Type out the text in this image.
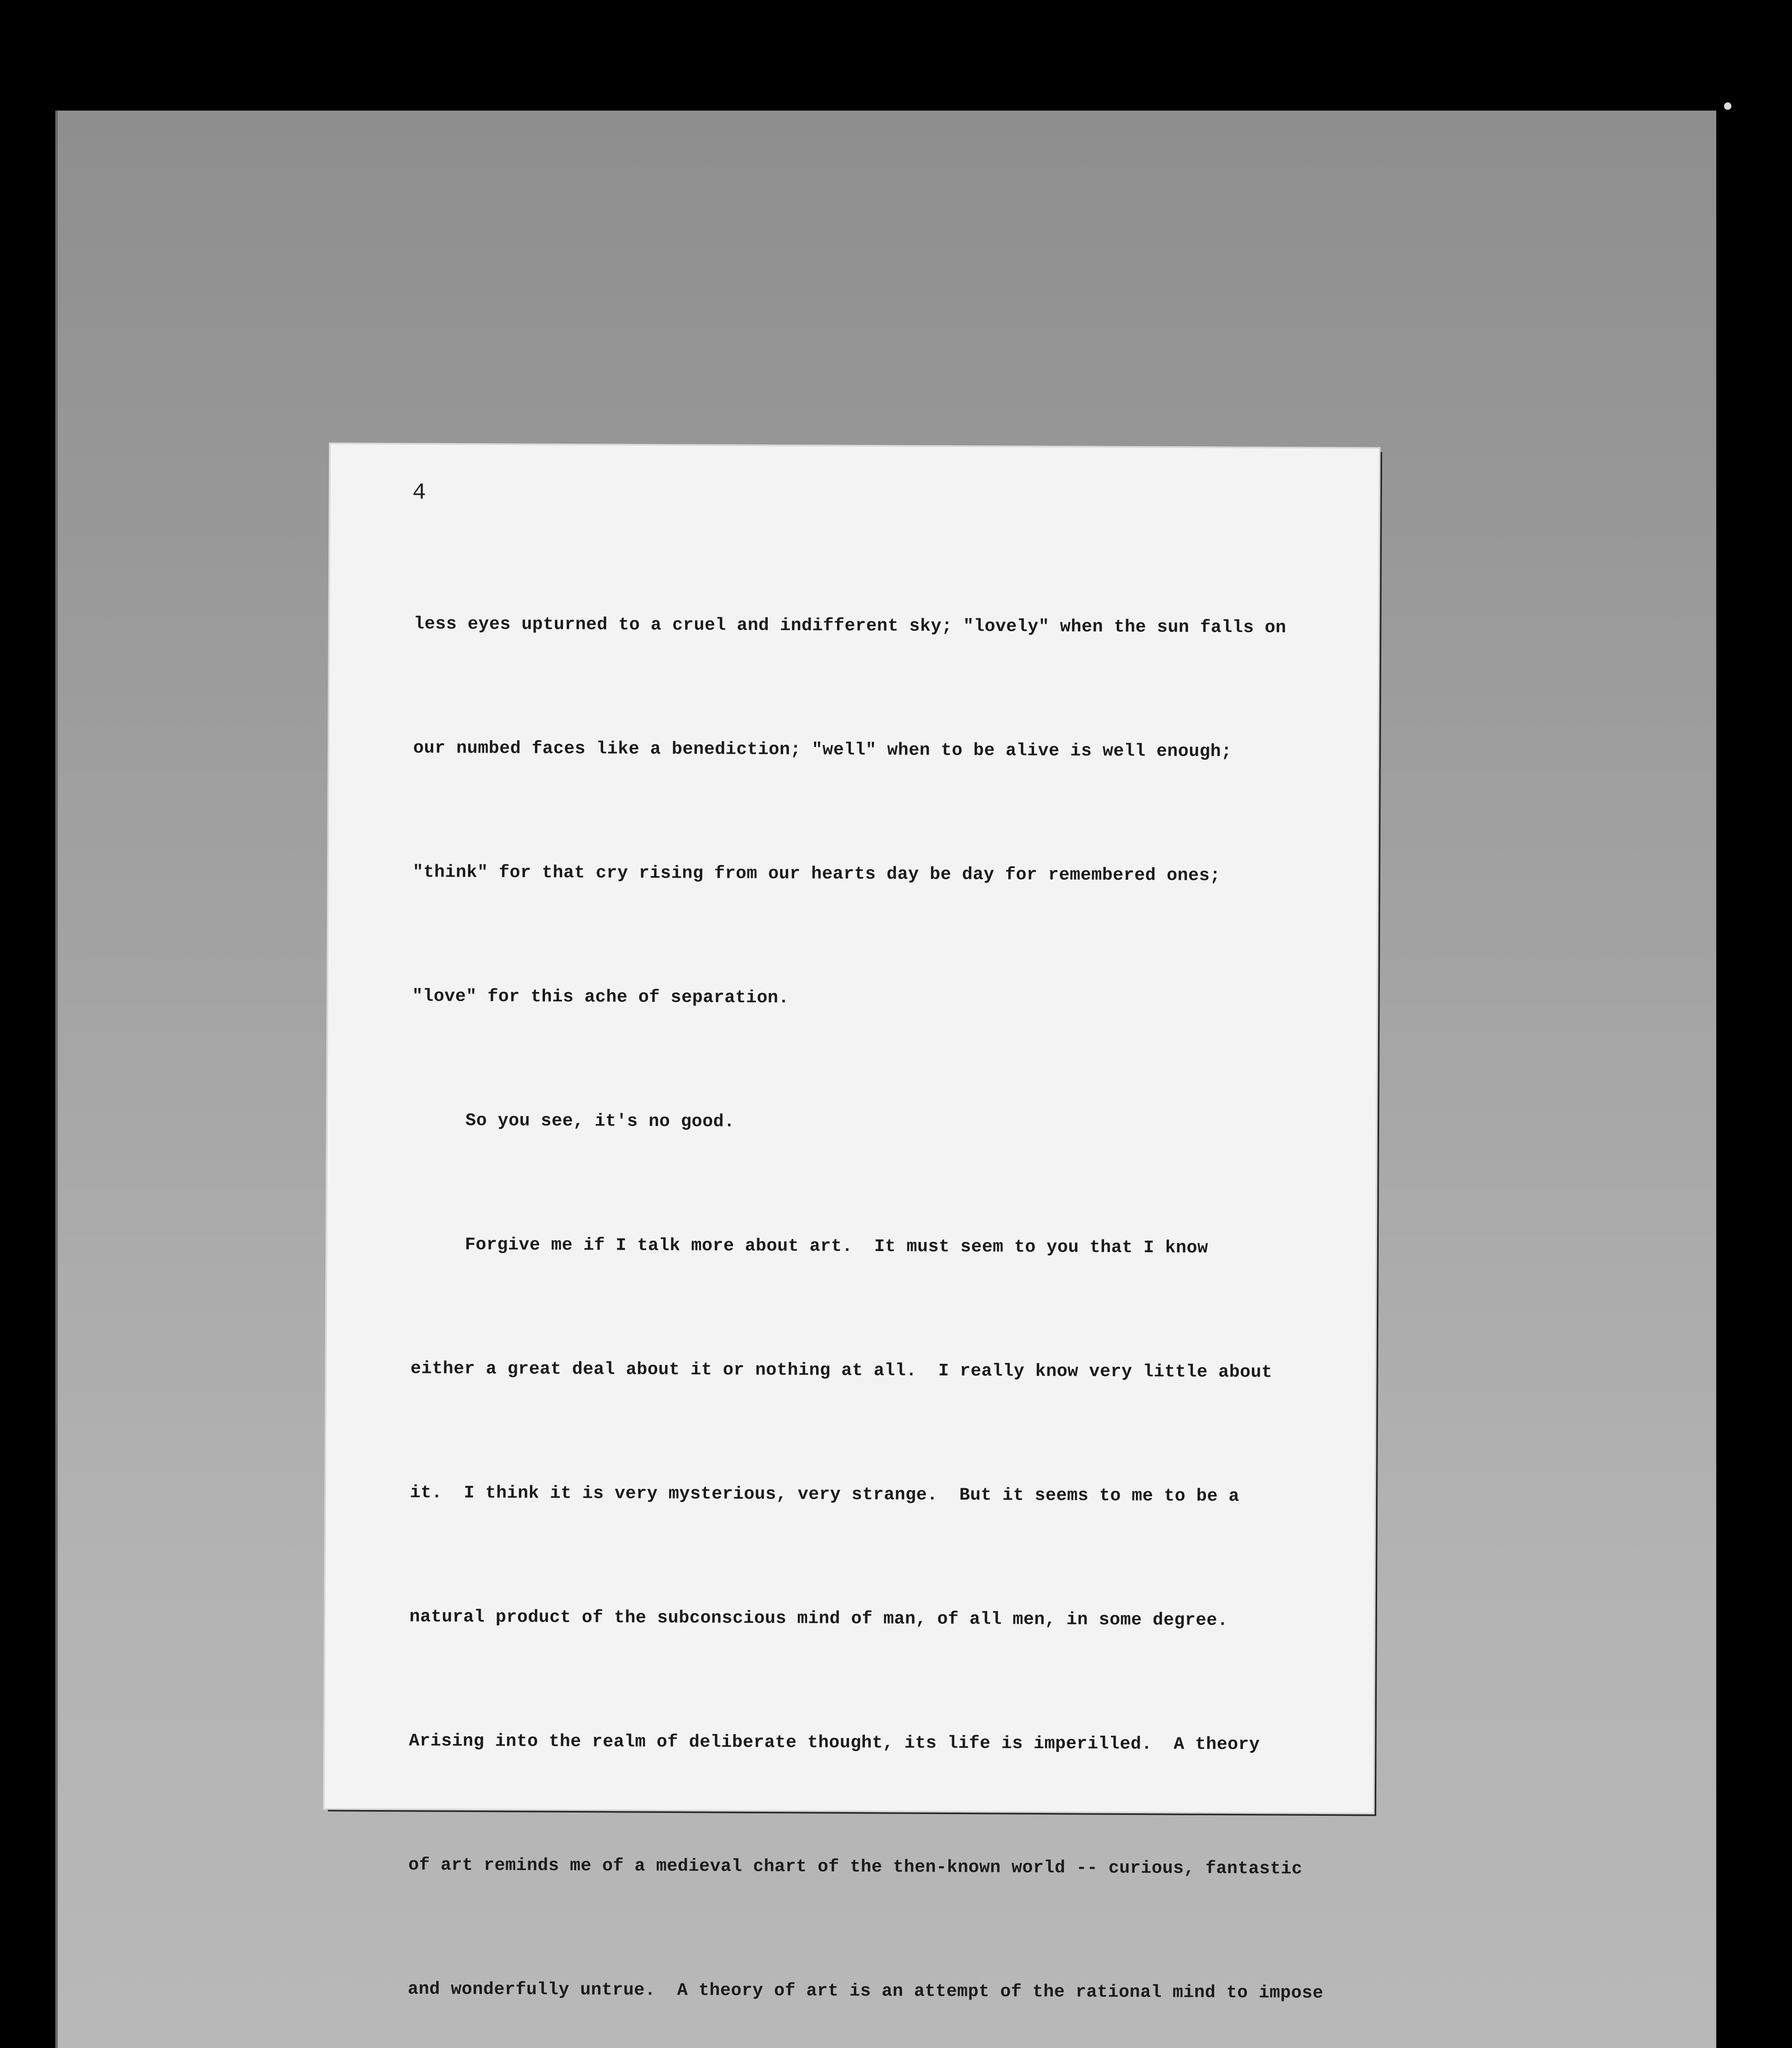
4

less eyes upturned to a cruel and indifferent sky; "lovely" when the sun falls on

our numbed faces like a benediction; "well" when to be alive is well enough;

"think" for that cry rising from our hearts day be day for remembered ones;

"love" for this ache of separation.

So you see, it's no good.

Forgive me if I talk more about art.  It must seem to you that I know

either a great deal about it or nothing at all.  I really know very little about

it.  I think it is very mysterious, very strange.  But it seems to me to be a

natural product of the subconscious mind of man, of all men, in some degree.

Arising into the realm of deliberate thought, its life is imperilled.  A theory

of art reminds me of a medieval chart of the then-known world -- curious, fantastic

and wonderfully untrue.  A theory of art is an attempt of the rational mind to impose
